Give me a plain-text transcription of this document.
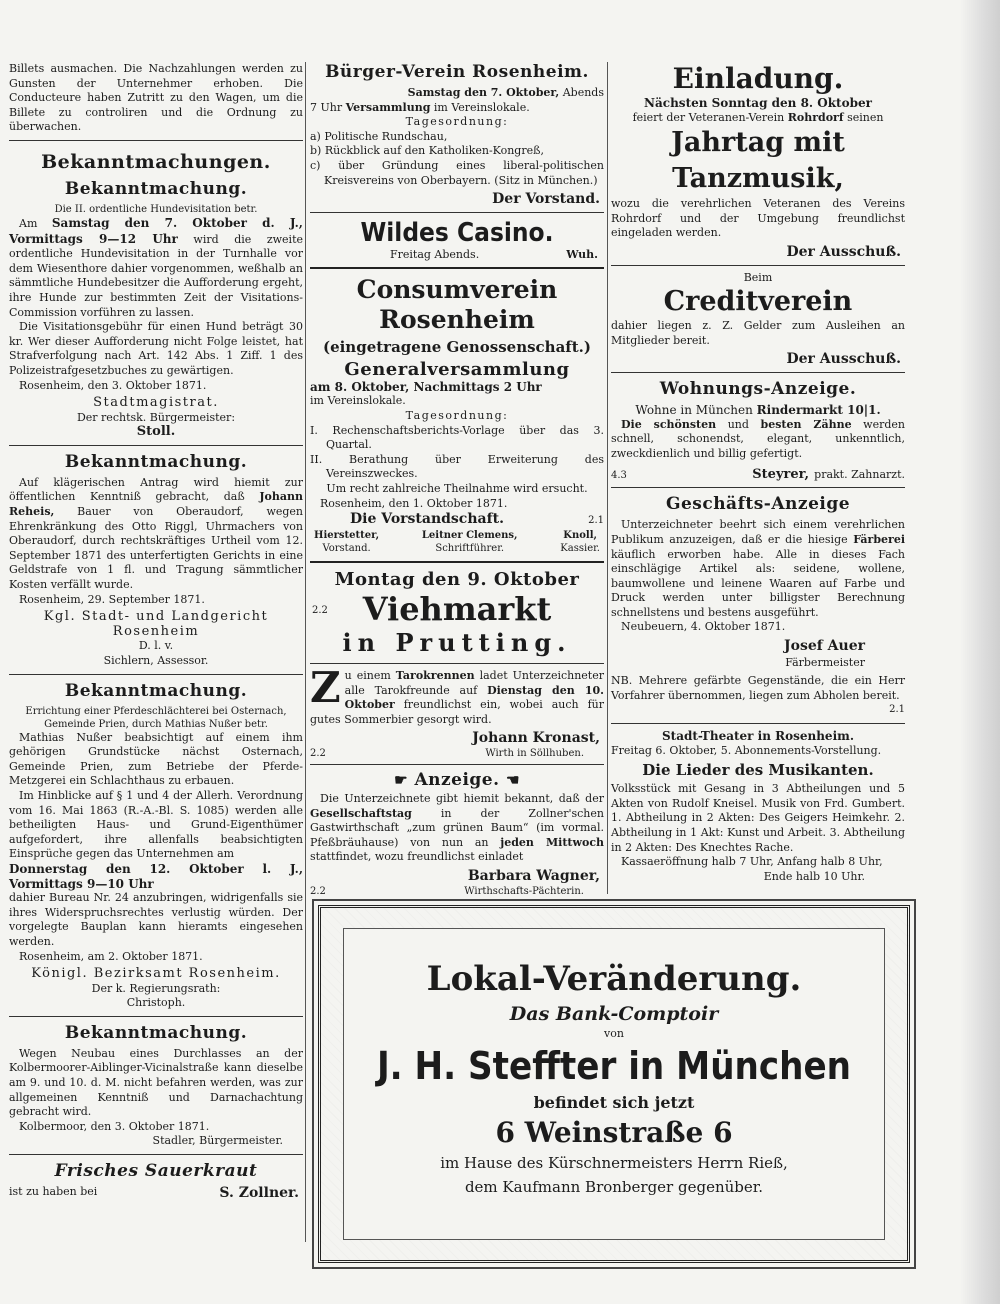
Billets ausmachen. Die Nachzahlungen werden zu Gunsten der Unternehmer erhoben. Die Conducteure haben Zutritt zu den Wagen, um die Billete zu controliren und die Ordnung zu überwachen.

Bekanntmachungen.
Bekanntmachung.

Die II. ordentliche Hundevisitation betr.

Am Samstag den 7. Oktober d. J., Vormittags 9—12 Uhr wird die zweite ordentliche Hundevisitation in der Turnhalle vor dem Wiesenthore dahier vorgenommen, weßhalb an sämmtliche Hundebesitzer die Aufforderung ergeht, ihre Hunde zur bestimmten Zeit der Visitations-Commission vorführen zu lassen.

Die Visitationsgebühr für einen Hund beträgt 30 kr. Wer dieser Aufforderung nicht Folge leistet, hat Strafverfolgung nach Art. 142 Abs. 1 Ziff. 1 des Polizeistrafgesetzbuches zu gewärtigen.

Rosenheim, den 3. Oktober 1871.

Stadtmagistrat.

Der rechtsk. Bürgermeister:

Stoll.

Bekanntmachung.

Auf klägerischen Antrag wird hiemit zur öffentlichen Kenntniß gebracht, daß Johann Reheis, Bauer von Oberaudorf, wegen Ehrenkränkung des Otto Riggl, Uhrmachers von Oberaudorf, durch rechtskräftiges Urtheil vom 12. September 1871 des unterfertigten Gerichts in eine Geldstrafe von 1 fl. und Tragung sämmtlicher Kosten verfällt wurde.

Rosenheim, 29. September 1871.

Kgl. Stadt- und Landgericht Rosenheim

D. l. v.

Sichlern, Assessor.

Bekanntmachung.

Errichtung einer Pferdeschlächterei bei Osternach, Gemeinde Prien, durch Mathias Nußer betr.

Mathias Nußer beabsichtigt auf einem ihm gehörigen Grundstücke nächst Osternach, Gemeinde Prien, zum Betriebe der Pferde-Metzgerei ein Schlachthaus zu erbauen.

Im Hinblicke auf § 1 und 4 der Allerh. Verordnung vom 16. Mai 1863 (R.-A.-Bl. S. 1085) werden alle betheiligten Haus- und Grund-Eigenthümer aufgefordert, ihre allenfalls beabsichtigten Einsprüche gegen das Unternehmen am

Donnerstag den 12. Oktober l. J., Vormittags 9—10 Uhr

dahier Bureau Nr. 24 anzubringen, widrigenfalls sie ihres Widerspruchsrechtes verlustig würden. Der vorgelegte Bauplan kann hieramts eingesehen werden.

Rosenheim, am 2. Oktober 1871.

Königl. Bezirksamt Rosenheim.

Der k. Regierungsrath:

Christoph.

Bekanntmachung.

Wegen Neubau eines Durchlasses an der Kolbermoorer-Aiblinger-Vicinalstraße kann dieselbe am 9. und 10. d. M. nicht befahren werden, was zur allgemeinen Kenntniß und Darnachachtung gebracht wird.

Kolbermoor, den 3. Oktober 1871.

Stadler, Bürgermeister.

Frisches Sauerkraut

ist zu haben bei	S. Zollner.

Bürger-Verein Rosenheim.

Samstag den 7. Oktober, Abends

7 Uhr Versammlung im Vereinslokale.

Tagesordnung:

a) Politische Rundschau,

b) Rückblick auf den Katholiken-Kongreß,

c) über Gründung eines liberal-politischen Kreisvereins von Oberbayern. (Sitz in München.)

Der Vorstand.

Wildes Casino.
Freitag Abends.	Wuh.
Consumverein Rosenheim
(eingetragene Genossenschaft.)
Generalversammlung

am 8. Oktober, Nachmittags 2 Uhr

im Vereinslokale.

Tagesordnung:

I. Rechenschaftsberichts-Vorlage über das 3. Quartal.

II. Berathung über Erweiterung des Vereinszweckes.

Um recht zahlreiche Theilnahme wird ersucht.

Rosenheim, den 1. Oktober 1871.

Die Vorstandschaft.	2.1
Hierstetter,
Vorstand.
Leitner Clemens,
Schriftführer.
Knoll,
Kassier.
Montag den 9. Oktober
Viehmarkt
in Prutting.
2.2

Zu einem Tarokrennen ladet Unterzeichneter alle Tarokfreunde auf Dienstag den 10. Oktober freundlichst ein, wobei auch für gutes Sommerbier gesorgt wird.

Johann Kronast,

2.2	Wirth in Söllhuben.
☛ Anzeige. ☚

Die Unterzeichnete gibt hiemit bekannt, daß der Gesellschaftstag in der Zollner'schen Gastwirthschaft „zum grünen Baum“ (im vormal. Pfeßbräuhause) von nun an jeden Mittwoch stattfindet, wozu freundlichst einladet

Barbara Wagner,

2.2	Wirthschafts-Pächterin.
Einladung.

Nächsten Sonntag den 8. Oktober

feiert der Veteranen-Verein Rohrdorf seinen

Jahrtag mit Tanzmusik,

wozu die verehrlichen Veteranen des Vereins Rohrdorf und der Umgebung freundlichst eingeladen werden.

Der Ausschuß.

Beim

Creditverein

dahier liegen z. Z. Gelder zum Ausleihen an Mitglieder bereit.

Der Ausschuß.

Wohnungs-Anzeige.

Wohne in München Rindermarkt 10|1.

Die schönsten und besten Zähne werden schnell, schonendst, elegant, unkenntlich, zweckdienlich und billig gefertigt.

4.3	Steyrer, prakt. Zahnarzt.
Geschäfts-Anzeige

Unterzeichneter beehrt sich einem verehrlichen Publikum anzuzeigen, daß er die hiesige Färberei käuflich erworben habe. Alle in dieses Fach einschlägige Artikel als: seidene, wollene, baumwollene und leinene Waaren auf Farbe und Druck werden unter billigster Berechnung schnellstens und bestens ausgeführt.

Neubeuern, 4. Oktober 1871.

Josef Auer

Färbermeister

NB. Mehrere gefärbte Gegenstände, die ein Herr Vorfahrer übernommen, liegen zum Abholen bereit.

2.1

Stadt-Theater in Rosenheim.

Freitag 6. Oktober, 5. Abonnements-Vorstellung.

Die Lieder des Musikanten.

Volksstück mit Gesang in 3 Abtheilungen und 5 Akten von Rudolf Kneisel. Musik von Frd. Gumbert. 1. Abtheilung in 2 Akten: Des Geigers Heimkehr. 2. Abtheilung in 1 Akt: Kunst und Arbeit. 3. Abtheilung in 2 Akten: Des Knechtes Rache.

Kassaeröffnung halb 7 Uhr, Anfang halb 8 Uhr,

Ende halb 10 Uhr.

Lokal-Veränderung.

Das Bank-Comptoir

von

J. H. Steffter in München

befindet sich jetzt

6 Weinstraße 6

im Hause des Kürschnermeisters Herrn Rieß,

dem Kaufmann Bronberger gegenüber.
